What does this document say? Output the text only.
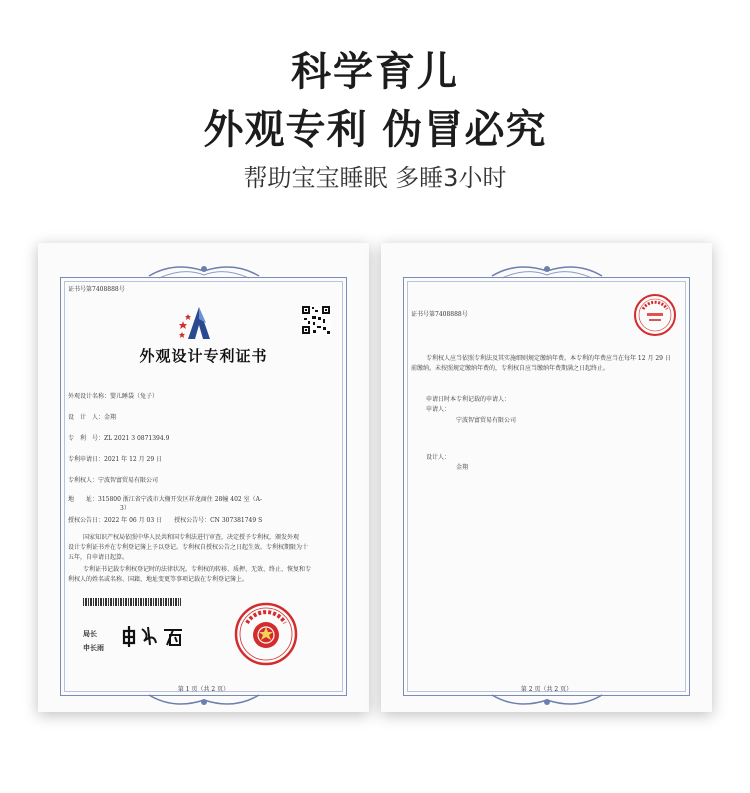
科学育儿
外观专利 伪冒必究
帮助宝宝睡眠 多睡3小时
证书号第7408888号
外观设计专利证书
外观设计名称：婴儿睡袋（兔子）
设　计　人：金翔
专　利　号：ZL 2021 3 0871394.9
专利申请日：2021 年 12 月 29 日
专利权人：宁波智富贸易有限公司
地　　址：315800 浙江省宁波市大榭开发区祥龙商住 28幢 402 室（A-
3）
授权公告日：2022 年 06 月 03 日　　授权公告号：CN 307381749 S
国家知识产权局依照中华人民共和国专利法进行审查，决定授予专利权，颁发外观
设计专利证书并在专利登记簿上予以登记。专利权自授权公告之日起生效。专利权期限为十
五年，自申请日起算。
专利证书记载专利权登记时的法律状况。专利权的转移、质押、无效、终止、恢复和专
利权人的姓名或名称、国籍、地址变更等事项记载在专利登记簿上。
局长
申长雨
第 1 页（共 2 页）
证书号第7408888号
专利权人应当依照专利法及其实施细则规定缴纳年费。本专利的年费应当在每年 12 月 29 日
前缴纳。未按照规定缴纳年费的，专利权自应当缴纳年费期满之日起终止。
申请日时本专利记载的申请人：
申请人：
宁波智富贸易有限公司
设计人：
金翔
第 2 页（共 2 页）
